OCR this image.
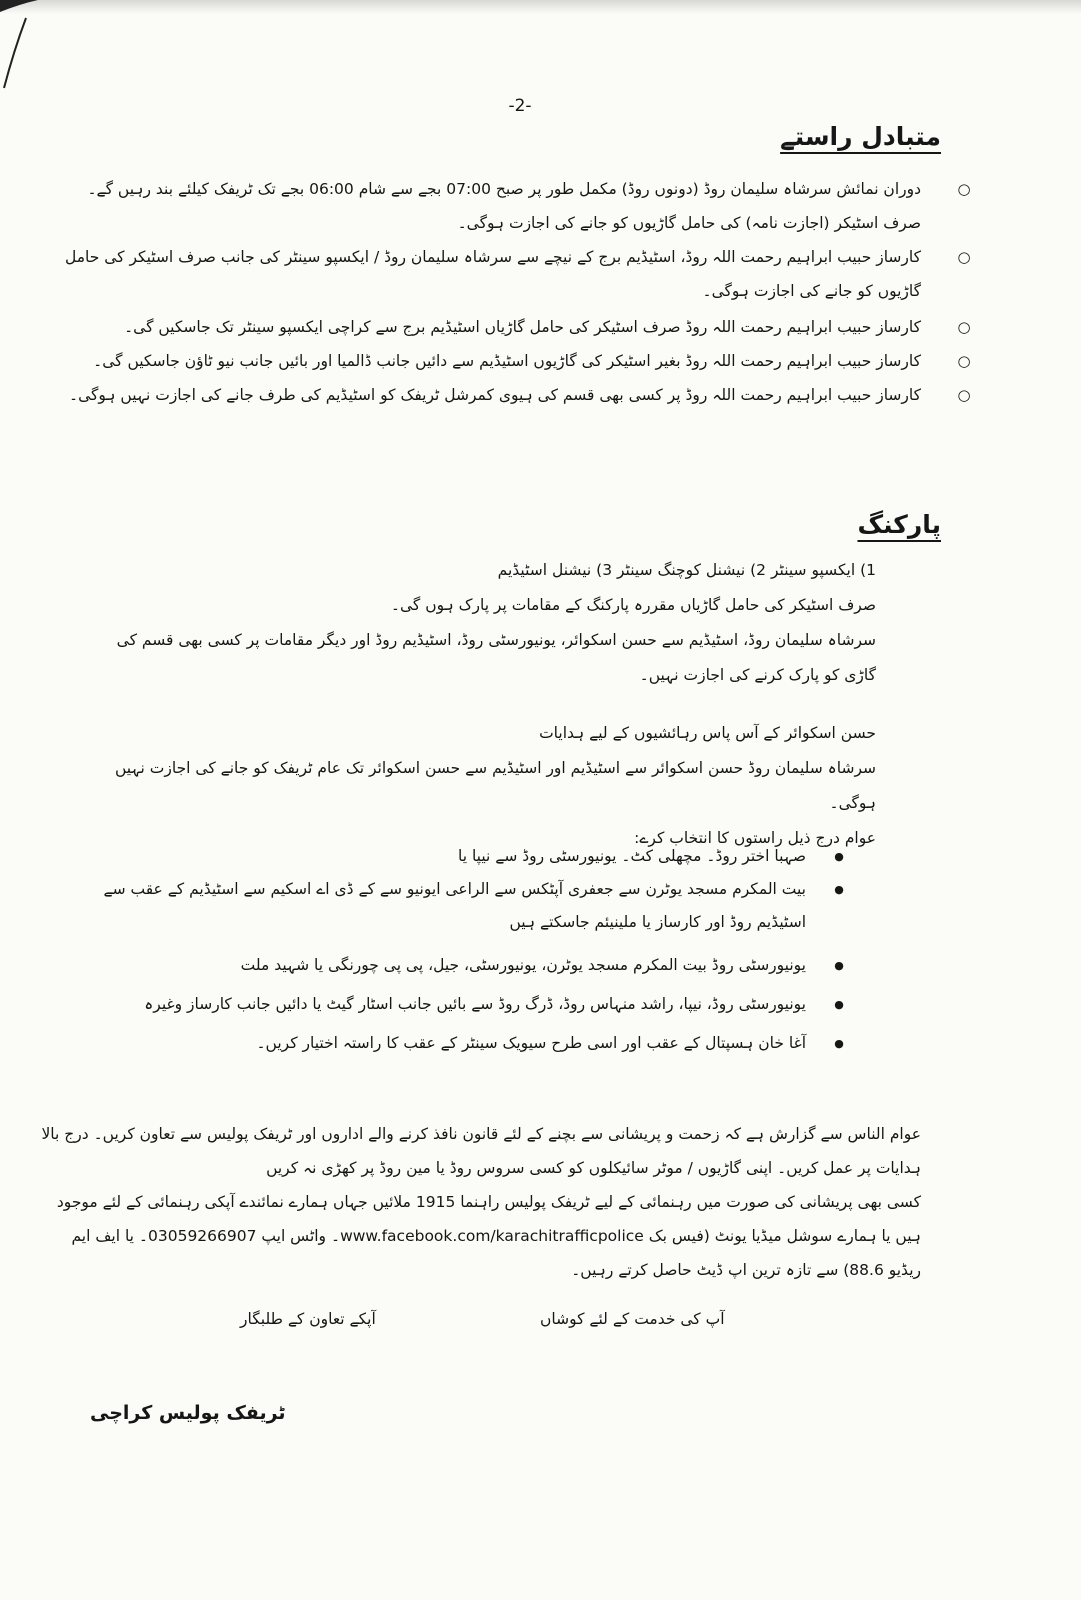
-2-
متبادل راستے
○
دوران نمائش سرشاہ سلیمان روڈ (دونوں روڈ) مکمل طور پر صبح 07:00 بجے سے شام 06:00 بجے تک ٹریفک کیلئے بند رہیں گے۔ صرف اسٹیکر (اجازت نامہ) کی حامل گاڑیوں کو جانے کی اجازت ہوگی۔
○
کارساز حبیب ابراہیم رحمت اللہ روڈ، اسٹیڈیم برج کے نیچے سے سرشاہ سلیمان روڈ / ایکسپو سینٹر کی جانب صرف اسٹیکر کی حامل گاڑیوں کو جانے کی اجازت ہوگی۔
○
کارساز حبیب ابراہیم رحمت اللہ روڈ صرف اسٹیکر کی حامل گاڑیاں اسٹیڈیم برج سے کراچی ایکسپو سینٹر تک جاسکیں گی۔
○
کارساز حبیب ابراہیم رحمت اللہ روڈ بغیر اسٹیکر کی گاڑیوں اسٹیڈیم سے دائیں جانب ڈالمیا اور بائیں جانب نیو ٹاؤن جاسکیں گی۔
○
کارساز حبیب ابراہیم رحمت اللہ روڈ پر کسی بھی قسم کی ہیوی کمرشل ٹریفک کو اسٹیڈیم کی طرف جانے کی اجازت نہیں ہوگی۔
پارکنگ
1) ایکسپو سینٹر 2) نیشنل کوچنگ سینٹر 3) نیشنل اسٹیڈیم
صرف اسٹیکر کی حامل گاڑیاں مقررہ پارکنگ کے مقامات پر پارک ہوں گی۔
سرشاہ سلیمان روڈ، اسٹیڈیم سے حسن اسکوائر، یونیورسٹی روڈ، اسٹیڈیم روڈ اور دیگر مقامات پر کسی بھی قسم کی گاڑی کو پارک کرنے کی اجازت نہیں۔
حسن اسکوائر کے آس پاس رہائشیوں کے لیے ہدایات
سرشاہ سلیمان روڈ حسن اسکوائر سے اسٹیڈیم اور اسٹیڈیم سے حسن اسکوائر تک عام ٹریفک کو جانے کی اجازت نہیں ہوگی۔
عوام درج ذیل راستوں کا انتخاب کرے:
●
صہبا اختر روڈ۔ مچھلی کٹ۔ یونیورسٹی روڈ سے نیپا یا
●
بیت المکرم مسجد یوٹرن سے جعفری آپٹکس سے الراعی ایونیو سے کے ڈی اے اسکیم سے اسٹیڈیم کے عقب سے اسٹیڈیم روڈ اور کارساز یا ملینیئم جاسکتے ہیں
●
یونیورسٹی روڈ بیت المکرم مسجد یوٹرن، یونیورسٹی، جیل، پی پی چورنگی یا شہید ملت
●
یونیورسٹی روڈ، نیپا، راشد منہاس روڈ، ڈرگ روڈ سے بائیں جانب اسٹار گیٹ یا دائیں جانب کارساز وغیرہ
●
آغا خان ہسپتال کے عقب اور اسی طرح سیویک سینٹر کے عقب کا راستہ اختیار کریں۔
عوام الناس سے گزارش ہے کہ زحمت و پریشانی سے بچنے کے لئے قانون نافذ کرنے والے اداروں اور ٹریفک پولیس سے تعاون کریں۔ درج بالا ہدایات پر عمل کریں۔ اپنی گاڑیوں / موٹر سائیکلوں کو کسی سروس روڈ یا مین روڈ پر کھڑی نہ کریں
کسی بھی پریشانی کی صورت میں رہنمائی کے لیے ٹریفک پولیس راہنما 1915 ملائیں جہاں ہمارے نمائندے آپکی رہنمائی کے لئے موجود ہیں یا ہمارے سوشل میڈیا یونٹ (فیس بک www.facebook.com/karachitrafficpolice۔ واٹس ایپ 03059266907۔ یا ایف ایم ریڈیو 88.6) سے تازہ ترین اپ ڈیٹ حاصل کرتے رہیں۔
آپ کی خدمت کے لئے کوشاں
آپکے تعاون کے طلبگار
ٹریفک پولیس کراچی
